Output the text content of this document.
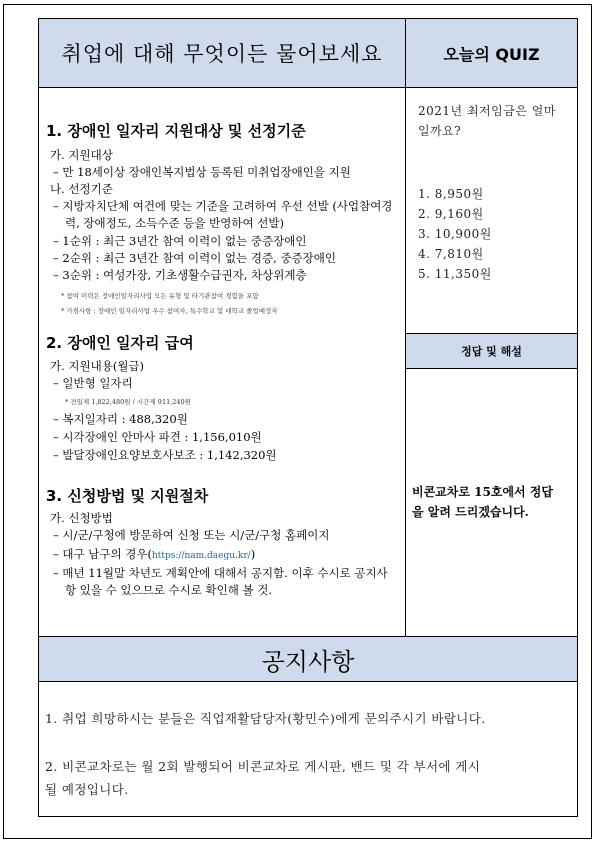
취업에 대해 무엇이든 물어보세요	오늘의 QUIZ
1. 장애인 일자리 지원대상 및 선정기준
가. 지원대상
– 만 18세이상 장애인복지법상 등록된 미취업장애인을 지원
나. 선정기준
– 지방자치단체 여건에 맞는 기준을 고려하여 우선 선발 (사업참여경
력, 장애정도, 소득수준 등을 반영하여 선발)
– 1순위 : 최근 3년간 참여 이력이 없는 중증장애인
– 2순위 : 최근 3년간 참여 이력이 없는 경증, 중증장애인
– 3순위 : 여성가장, 기초생활수급권자, 차상위계층
* 참여 이력은 장애인일자리사업 모든 유형 및 타기관참여 경험을 포함
* 가점사항 : 장애인 일자리사업 우수 참여자, 특수학교 및 대학교 졸업예정자
2. 장애인 일자리 급여
가. 지원내용(월급)
– 일반형 일자리
* 전일제 1,822,480원 / 시간제 911,240원
– 복지일자리 : 488,320원
– 시각장애인 안마사 파견 : 1,156,010원
– 발달장애인요양보호사보조 : 1,142,320원
3. 신청방법 및 지원절차
가. 신청방법
– 시/군/구청에 방문하여 신청 또는 시/군/구청 홈페이지
– 대구 남구의 경우(https://nam.daegu.kr/)
– 매년 11월말 차년도 계획안에 대해서 공지함. 이후 수시로 공지사
항 있을 수 있으므로 수시로 확인해 볼 것.
2021년 최저임금은 얼마
일까요?
1. 8,950원
2. 9,160원
3. 10,900원
4. 7,810원
5. 11,350원
정답 및 해설
비콘교차로 15호에서 정답
을 알려 드리겠습니다.
공지사항
1. 취업 희망하시는 분들은 직업재활담당자(황민수)에게 문의주시기 바랍니다.
2. 비콘교차로는 월 2회 발행되어 비콘교차로 게시판, 밴드 및 각 부서에 게시
될 예정입니다.
